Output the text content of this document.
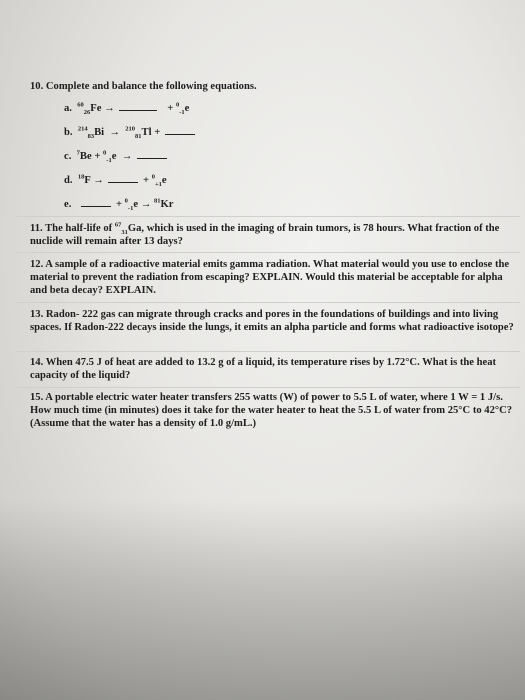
10. Complete and balance the following equations.
a. $^{60}_{26}$Fe →	+ $^0_{-1}$e
b. $^{214}_{83}$Bi → $^{210}_{81}$Tl +
c. $^7$Be + $^0_{-1}$e →
d. $^{18}$F →	+ $^0_{+1}$e
e.	+ $^0_{-1}$e → $^{81}$Kr
11. The half-life of $^{67}_{31}$Ga, which is used in the imaging of brain tumors, is 78 hours. What fraction of the nuclide will remain after 13 days?
12. A sample of a radioactive material emits gamma radiation. What material would you use to enclose the material to prevent the radiation from escaping? EXPLAIN. Would this material be acceptable for alpha and beta decay? EXPLAIN.
13. Radon- 222 gas can migrate through cracks and pores in the foundations of buildings and into living spaces. If Radon-222 decays inside the lungs, it emits an alpha particle and forms what radioactive isotope?
14. When 47.5 J of heat are added to 13.2 g of a liquid, its temperature rises by 1.72°C. What is the heat capacity of the liquid?
15. A portable electric water heater transfers 255 watts (W) of power to 5.5 L of water, where 1 W = 1 J/s. How much time (in minutes) does it take for the water heater to heat the 5.5 L of water from 25°C to 42°C? (Assume that the water has a density of 1.0 g/mL.)
